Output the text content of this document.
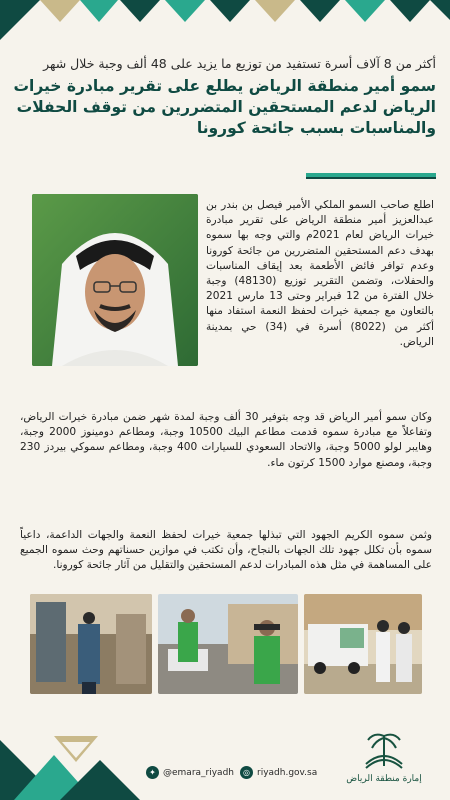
أكثر من 8 آلاف أسرة تستفيد من توزيع ما يزيد على 48 ألف وجبة خلال شهر

سمو أمير منطقة الرياض يطلع على تقرير مبادرة خيرات الرياض لدعم المستحقين المتضررين من توقف الحفلات والمناسبات بسبب جائحة كورونا

اطلع صاحب السمو الملكي الأمير فيصل بن بندر بن عبدالعزيز أمير منطقة الرياض على تقرير مبادرة خيرات الرياض لعام 2021م والتي وجه بها سموه بهدف دعم المستحقين المتضررين من جائحة كورونا وعدم توافر فائض الأطعمة بعد إيقاف المناسبات والحفلات، وتضمن التقرير توزيع (48130) وجبة خلال الفترة من 12 فبراير وحتى 13 مارس 2021 بالتعاون مع جمعية خيرات لحفظ النعمة استفاد منها أكثر من (8022) أسرة في (34) حي بمدينة الرياض.

وكان سمو أمير الرياض قد وجه بتوفير 30 ألف وجبة لمدة شهر ضمن مبادرة خيرات الرياض، وتفاعلاً مع مبادرة سموه قدمت مطاعم البيك 10500 وجبة، ومطاعم دومينوز 2000 وجبة، وهايبر لولو 5000 وجبة، والاتحاد السعودي للسيارات 400 وجبة، ومطاعم سموكي بيردز 230 وجبة، ومصنع موارد 1500 كرتون ماء.

وثمن سموه الكريم الجهود التي تبذلها جمعية خيرات لحفظ النعمة والجهات الداعمة، داعياً سموه بأن تكلل جهود تلك الجهات بالنجاح، وأن تكتب في موازين حسناتهم وحث سموه الجميع على المساهمة في مثل هذه المبادرات لدعم المستحقين والتقليل من آثار جائحة كورونا.

✦ @emara_riyadh	◎ riyadh.gov.sa
إمارة منطقة الرياض
